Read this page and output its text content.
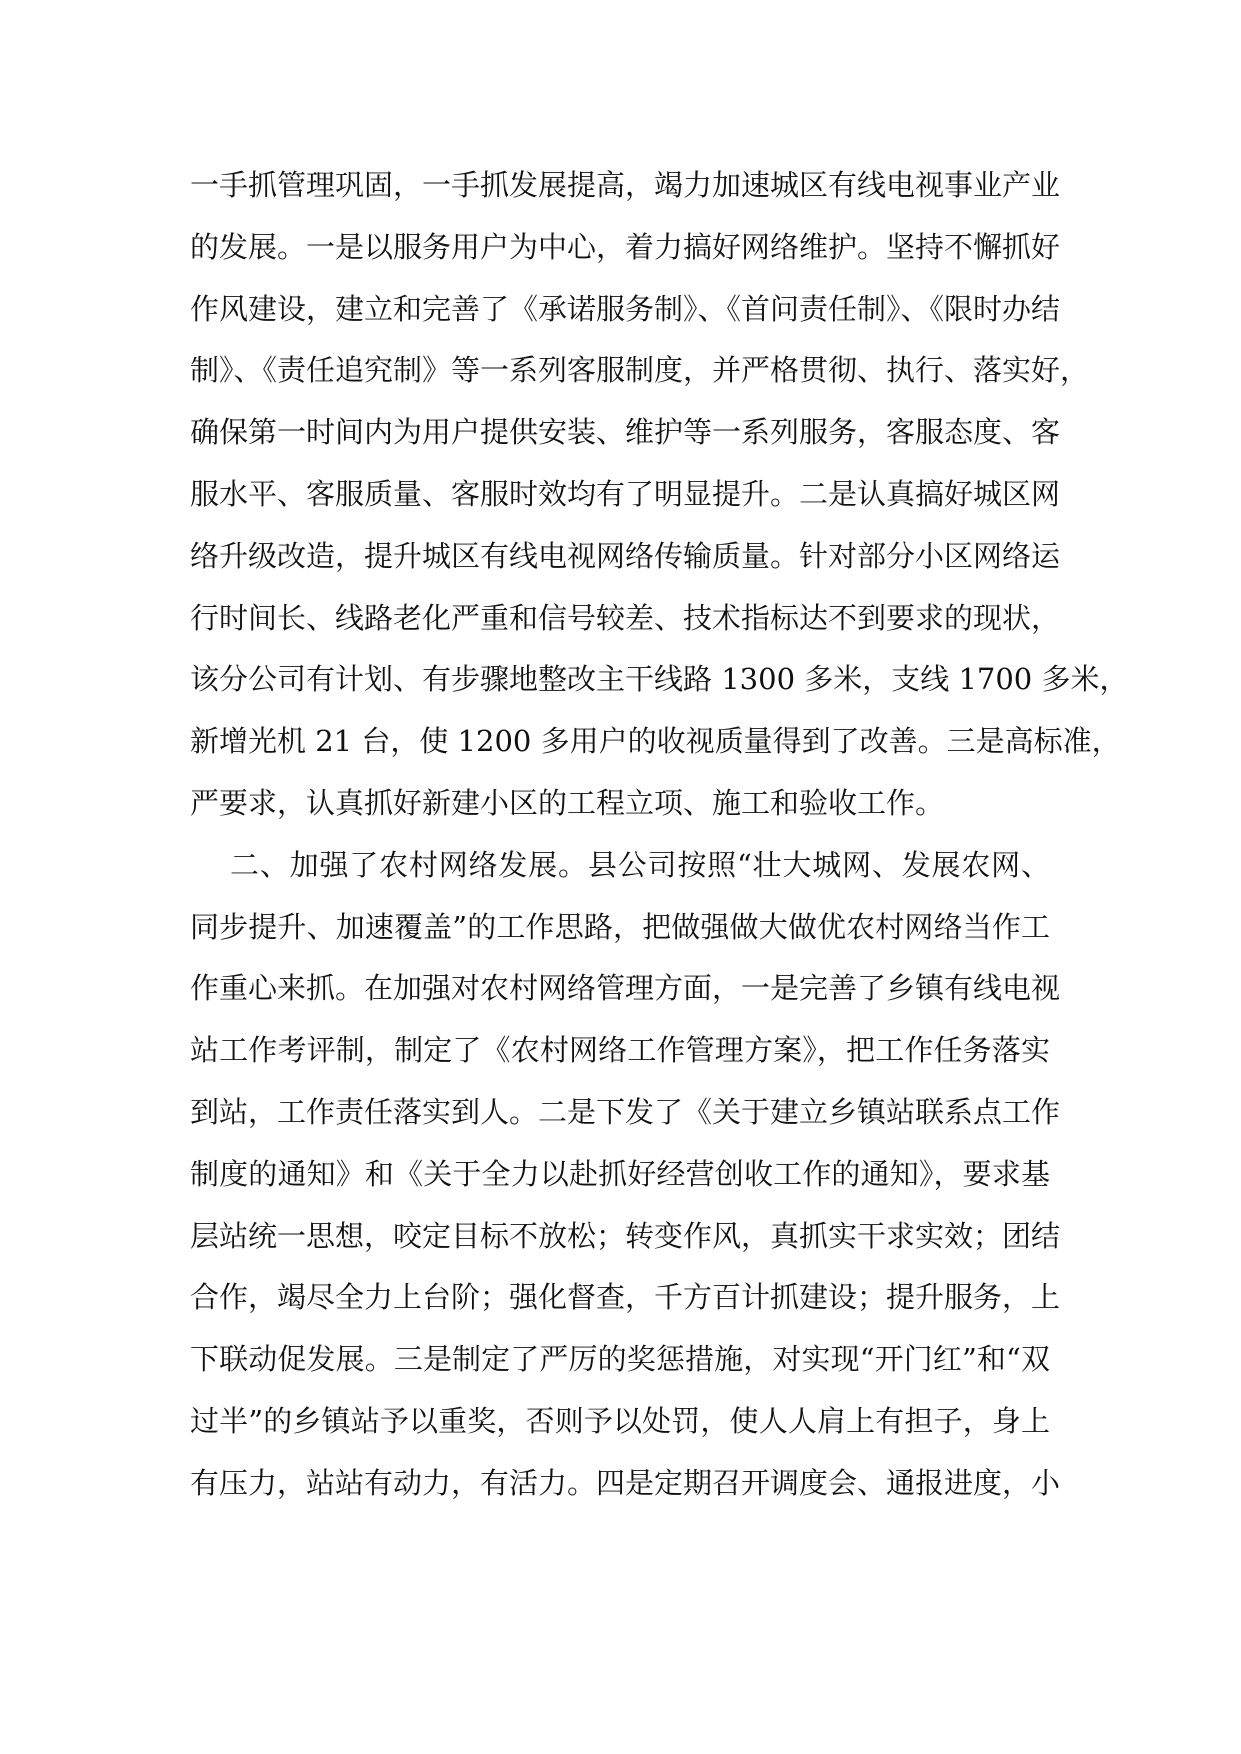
一手抓管理巩固，一手抓发展提高，竭力加速城区有线电视事业产业
的发展。一是以服务用户为中心，着力搞好网络维护。坚持不懈抓好
作风建设，建立和完善了《承诺服务制》、《首问责任制》、《限时办结
制》、《责任追究制》等一系列客服制度，并严格贯彻、执行、落实好，
确保第一时间内为用户提供安装、维护等一系列服务，客服态度、客
服水平、客服质量、客服时效均有了明显提升。二是认真搞好城区网
络升级改造，提升城区有线电视网络传输质量。针对部分小区网络运
行时间长、线路老化严重和信号较差、技术指标达不到要求的现状，
该分公司有计划、有步骤地整改主干线路 1300 多米，支线 1700 多米，
新增光机 21 台，使 1200 多用户的收视质量得到了改善。三是高标准，
严要求，认真抓好新建小区的工程立项、施工和验收工作。
二、加强了农村网络发展。县公司按照“壮大城网、发展农网、
同步提升、加速覆盖”的工作思路，把做强做大做优农村网络当作工
作重心来抓。在加强对农村网络管理方面，一是完善了乡镇有线电视
站工作考评制，制定了《农村网络工作管理方案》，把工作任务落实
到站，工作责任落实到人。二是下发了《关于建立乡镇站联系点工作
制度的通知》和《关于全力以赴抓好经营创收工作的通知》，要求基
层站统一思想，咬定目标不放松；转变作风，真抓实干求实效；团结
合作，竭尽全力上台阶；强化督查，千方百计抓建设；提升服务，上
下联动促发展。三是制定了严厉的奖惩措施，对实现“开门红”和“双
过半”的乡镇站予以重奖，否则予以处罚，使人人肩上有担子，身上
有压力，站站有动力，有活力。四是定期召开调度会、通报进度，小
